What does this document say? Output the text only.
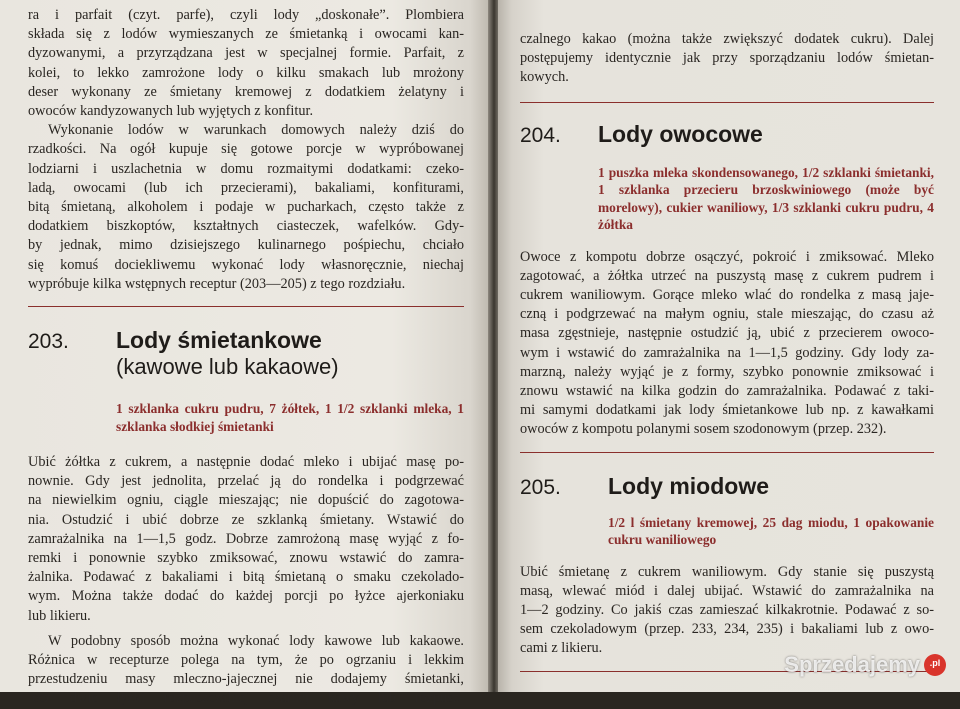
ra i parfait (czyt. parfe), czyli lody „doskonałe”. Plombiera

składa się z lodów wymieszanych ze śmietanką i owocami kan-

dyzowanymi, a przyrządzana jest w specjalnej formie. Parfait, z

kolei, to lekko zamrożone lody o kilku smakach lub mrożony

deser wykonany ze śmietany kremowej z dodatkiem żelatyny i

owoców kandyzowanych lub wyjętych z konfitur.

Wykonanie lodów w warunkach domowych należy dziś do

rzadkości. Na ogół kupuje się gotowe porcje w wypróbowanej

lodziarni i uszlachetnia w domu rozmaitymi dodatkami: czeko-

ladą, owocami (lub ich przecierami), bakaliami, konfiturami,

bitą śmietaną, alkoholem i podaje w pucharkach, często także z

dodatkiem biszkoptów, kształtnych ciasteczek, wafelków. Gdy-

by jednak, mimo dzisiejszego kulinarnego pośpiechu, chciało

się komuś dociekliwemu wykonać lody własnoręcznie, niechaj

wypróbuje kilka wstępnych receptur (203—205) z tego rozdziału.

203.	Lody śmietankowe
(kawowe lub kakaowe)

1 szklanka cukru pudru, 7 żółtek, 1 1/2 szklanki mleka, 1 szklanka słodkiej śmietanki

Ubić żółtka z cukrem, a następnie dodać mleko i ubijać masę po-

nownie. Gdy jest jednolita, przelać ją do rondelka i podgrzewać

na niewielkim ogniu, ciągle mieszając; nie dopuścić do zagotowa-

nia. Ostudzić i ubić dobrze ze szklanką śmietany. Wstawić do

zamrażalnika na 1—1,5 godz. Dobrze zamrożoną masę wyjąć z fo-

remki i ponownie szybko zmiksować, znowu wstawić do zamra-

żalnika. Podawać z bakaliami i bitą śmietaną o smaku czekolado-

wym. Można także dodać do każdej porcji po łyżce ajerkoniaku

lub likieru.

W podobny sposób można wykonać lody kawowe lub kakaowe.

Różnica w recepturze polega na tym, że po ogrzaniu i lekkim

przestudzeniu masy mleczno-jajecznej nie dodajemy śmietanki,

lecz dwie łyżki rozpuszczalnej czarnej kawy lub rozpusz-

czalnego kakao (można także zwiększyć dodatek cukru). Dalej

postępujemy identycznie jak przy sporządzaniu lodów śmietan-

kowych.

204.	Lody owocowe

1 puszka mleka skondensowanego, 1/2 szklanki śmietanki, 1 szklanka przecieru brzoskwiniowego (może być morelowy), cukier waniliowy, 1/3 szklanki cukru pudru, 4 żółtka

Owoce z kompotu dobrze osączyć, pokroić i zmiksować. Mleko

zagotować, a żółtka utrzeć na puszystą masę z cukrem pudrem i

cukrem waniliowym. Gorące mleko wlać do rondelka z masą jaje-

czną i podgrzewać na małym ogniu, stale mieszając, do czasu aż

masa zgęstnieje, następnie ostudzić ją, ubić z przecierem owoco-

wym i wstawić do zamrażalnika na 1—1,5 godziny. Gdy lody za-

marzną, należy wyjąć je z formy, szybko ponownie zmiksować i

znowu wstawić na kilka godzin do zamrażalnika. Podawać z taki-

mi samymi dodatkami jak lody śmietankowe lub np. z kawałkami

owoców z kompotu polanymi sosem szodonowym (przep. 232).

205.	Lody miodowe

1/2 l śmietany kremowej, 25 dag miodu, 1 opakowanie cukru waniliowego

Ubić śmietanę z cukrem waniliowym. Gdy stanie się puszystą

masą, wlewać miód i dalej ubijać. Wstawić do zamrażalnika na

1—2 godziny. Co jakiś czas zamieszać kilkakrotnie. Podawać z so-

sem czekoladowym (przep. 233, 234, 235) i bakaliami lub z owo-

cami z likieru.

Sprzedajemy	.pl
